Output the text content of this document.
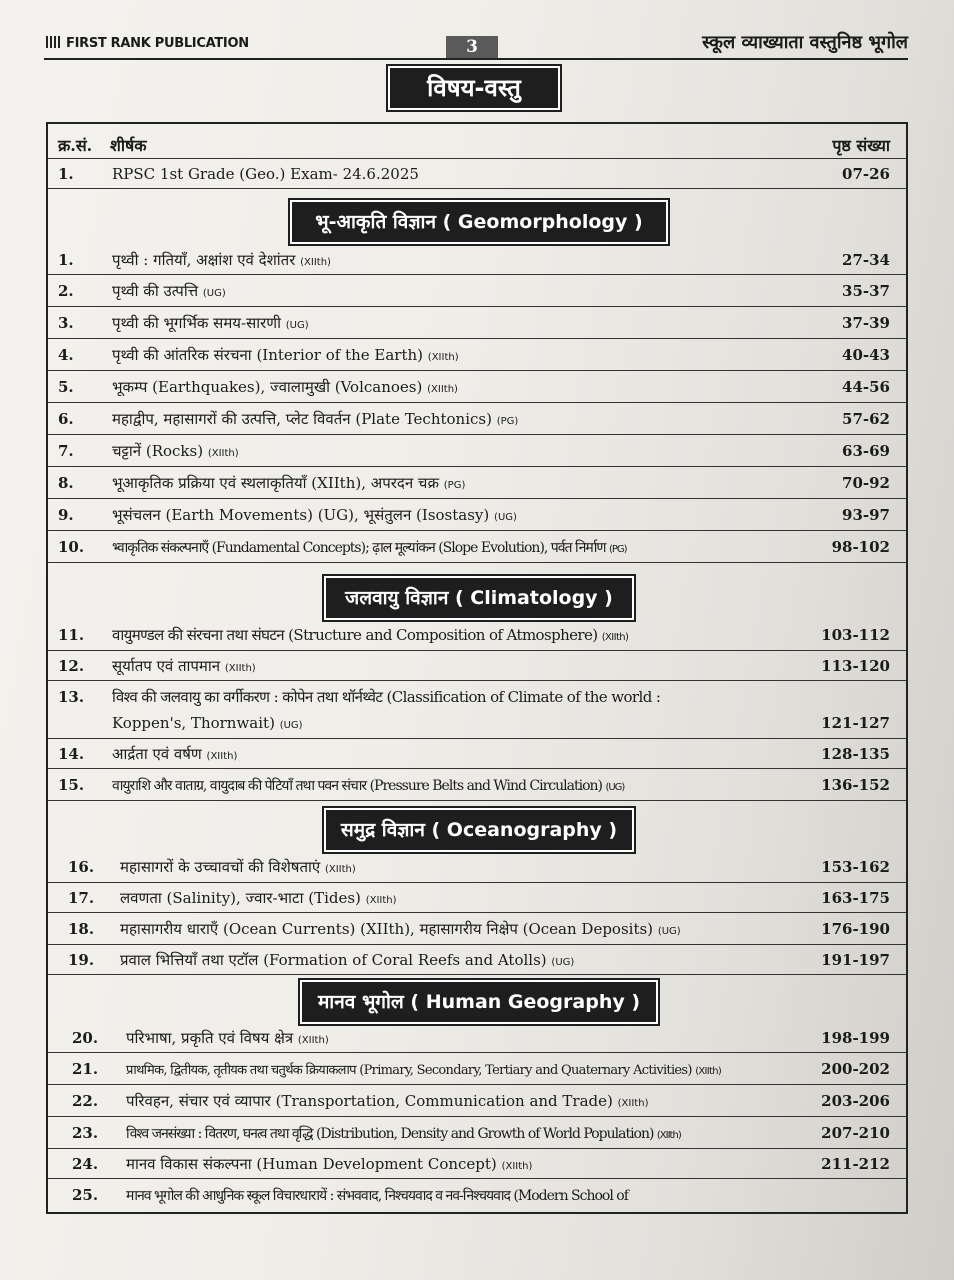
FIRST RANK PUBLICATION	3	स्कूल व्याख्याता वस्तुनिष्ठ भूगोल
विषय-वस्तु
क्र.सं. शीर्षक	पृष्ठ संख्या
1.	RPSC 1st Grade (Geo.) Exam- 24.6.2025	07-26
भू-आकृति विज्ञान ( Geomorphology )
1.	पृथ्वी : गतियाँ, अक्षांश एवं देशांतर (XIIth)	27-34
2.	पृथ्वी की उत्पत्ति (UG)	35-37
3.	पृथ्वी की भूगर्भिक समय-सारणी (UG)	37-39
4.	पृथ्वी की आंतरिक संरचना (Interior of the Earth) (XIIth)	40-43
5.	भूकम्प (Earthquakes), ज्वालामुखी (Volcanoes) (XIIth)	44-56
6.	महाद्वीप, महासागरों की उत्पत्ति, प्लेट विवर्तन (Plate Techtonics) (PG)	57-62
7.	चट्टानें (Rocks) (XIIth)	63-69
8.	भूआकृतिक प्रक्रिया एवं स्थलाकृतियाँ (XIIth), अपरदन चक्र (PG)	70-92
9.	भूसंचलन (Earth Movements) (UG), भूसंतुलन (Isostasy) (UG)	93-97
10. भ्वाकृतिक संकल्पनाएँ (Fundamental Concepts); ढ़ाल मूल्यांकन (Slope Evolution), पर्वत निर्माण (PG)	98-102
जलवायु विज्ञान ( Climatology )
11. वायुमण्डल की संरचना तथा संघटन (Structure and Composition of Atmosphere) (XIIth)	103-112
12. सूर्यातप एवं तापमान (XIIth)	113-120
13. विश्व की जलवायु का वर्गीकरण : कोपेन तथा थॉर्नथ्वेट (Classification of Climate of the world :
Koppen's, Thornwait) (UG)	121-127
14. आर्द्रता एवं वर्षण (XIIth)	128-135
15. वायुराशि और वाताग्र, वायुदाब की पेटियाँ तथा पवन संचार (Pressure Belts and Wind Circulation) (UG)	136-152
समुद्र विज्ञान ( Oceanography )
16. महासागरों के उच्चावचों की विशेषताएं (XIIth)	153-162
17. लवणता (Salinity), ज्वार-भाटा (Tides) (XIIth)	163-175
18. महासागरीय धाराएँ (Ocean Currents) (XIIth), महासागरीय निक्षेप (Ocean Deposits) (UG)	176-190
19. प्रवाल भित्तियाँ तथा एटॉल (Formation of Coral Reefs and Atolls) (UG)	191-197
मानव भूगोल ( Human Geography )
20. परिभाषा, प्रकृति एवं विषय क्षेत्र (XIIth)	198-199
21. प्राथमिक, द्वितीयक, तृतीयक तथा चतुर्थक क्रियाकलाप (Primary, Secondary, Tertiary and Quaternary Activities) (XIIth)	200-202
22. परिवहन, संचार एवं व्यापार (Transportation, Communication and Trade) (XIIth)	203-206
23. विश्व जनसंख्या : वितरण, घनत्व तथा वृद्धि (Distribution, Density and Growth of World Population) (XIIth)	207-210
24. मानव विकास संकल्पना (Human Development Concept) (XIIth)	211-212
25. मानव भूगोल की आधुनिक स्कूल विचारधारायें : संभववाद, निश्चयवाद व नव-निश्चयवाद (Modern School of
